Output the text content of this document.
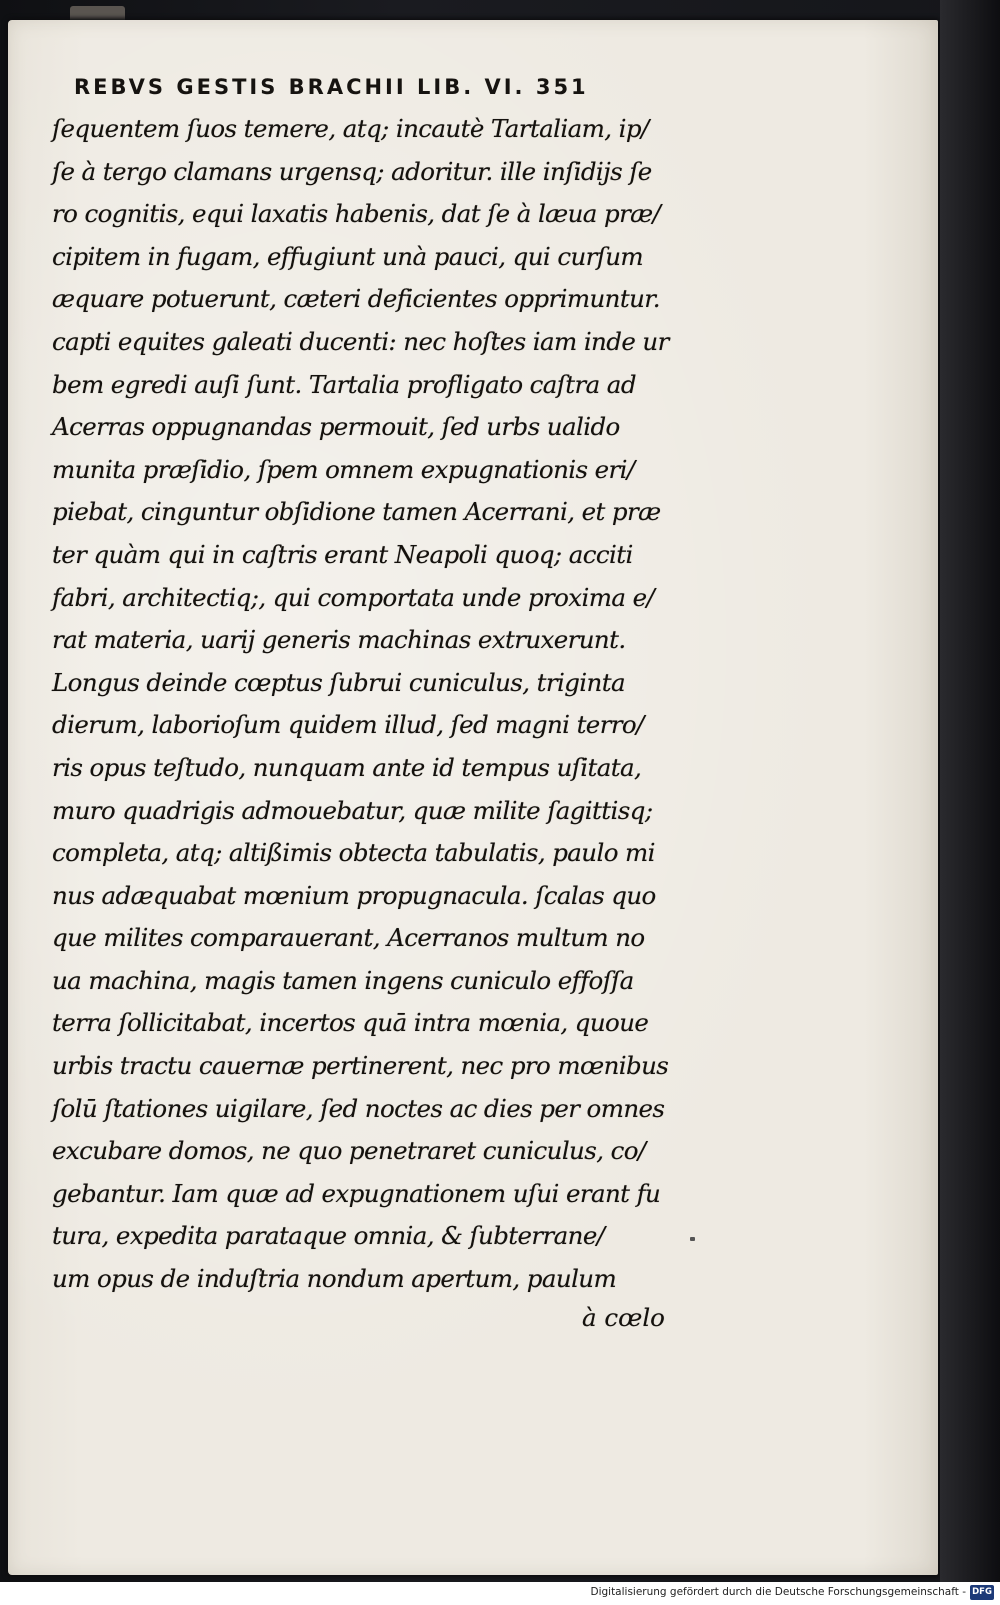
REBVS GESTIS BRACHII LIB. VI. 351
ſequentem ſuos temere, atq; incautè Tartaliam, ip/
ſe à tergo clamans urgensq; adoritur. ille inſidijs ſe
ro cognitis, equi laxatis habenis, dat ſe à læua præ/
cipitem in fugam, effugiunt unà pauci, qui curſum
æquare potuerunt, cæteri deficientes opprimuntur.
capti equites galeati ducenti: nec hoſtes iam inde ur
bem egredi auſi ſunt. Tartalia profligato caſtra ad
Acerras oppugnandas permouit, ſed urbs ualido
munita præſidio, ſpem omnem expugnationis eri/
piebat, cinguntur obſidione tamen Acerrani, et præ
ter quàm qui in caſtris erant Neapoli quoq; acciti
fabri, architectiq;, qui comportata unde proxima e/
rat materia, uarij generis machinas extruxerunt.
Longus deinde cœptus ſubrui cuniculus, triginta
dierum, laborioſum quidem illud, ſed magni terro/
ris opus teſtudo, nunquam ante id tempus uſitata,
muro quadrigis admouebatur, quæ milite ſagittisq;
completa, atq; altißimis obtecta tabulatis, paulo mi
nus adæquabat mœnium propugnacula. ſcalas quo
que milites comparauerant, Acerranos multum no
ua machina, magis tamen ingens cuniculo effoſſa
terra ſollicitabat, incertos quā intra mœnia, quoue
urbis tractu cauernæ pertinerent, nec pro mœnibus
ſolū ſtationes uigilare, ſed noctes ac dies per omnes
excubare domos, ne quo penetraret cuniculus, co/
gebantur. Iam quæ ad expugnationem uſui erant fu
tura, expedita parataque omnia, & ſubterrane/
um opus de induſtria nondum apertum, paulum
à cœlo
Digitalisierung gefördert durch die Deutsche Forschungsgemeinschaft - DFG
